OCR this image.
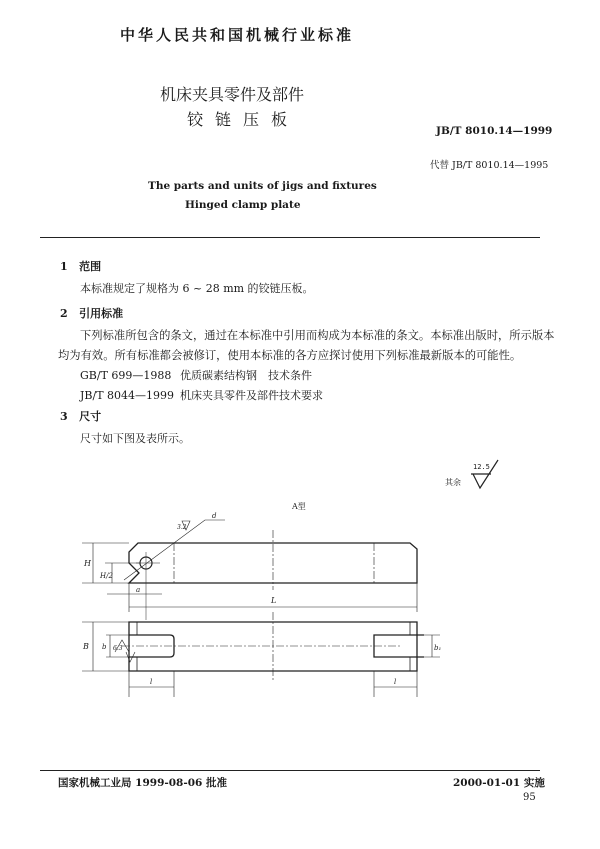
中华人民共和国机械行业标准
机床夹具零件及部件
铰链压板
The parts and units of jigs and fixtures
Hinged clamp plate
JB/T 8010.14—1999
代替 JB/T 8010.14—1995
1 范围
本标准规定了规格为 6 ~ 28 mm 的铰链压板。
2 引用标准
下列标准所包含的条文，通过在本标准中引用而构成为本标准的条文。本标准出版时，所示版本
均为有效。所有标准都会被修订，使用本标准的各方应探讨使用下列标准最新版本的可能性。
GB/T 699—1988 优质碳素结构钢　技术条件
JB/T 8044—1999 机床夹具零件及部件技术要求
3 尺寸
尺寸如下图及表所示。
其余
12.5
A型
H
H/2
a
L
B b	b₁
l	l
d
3.2
6.3
国家机械工业局 1999-08-06 批准	2000-01-01 实施
95
